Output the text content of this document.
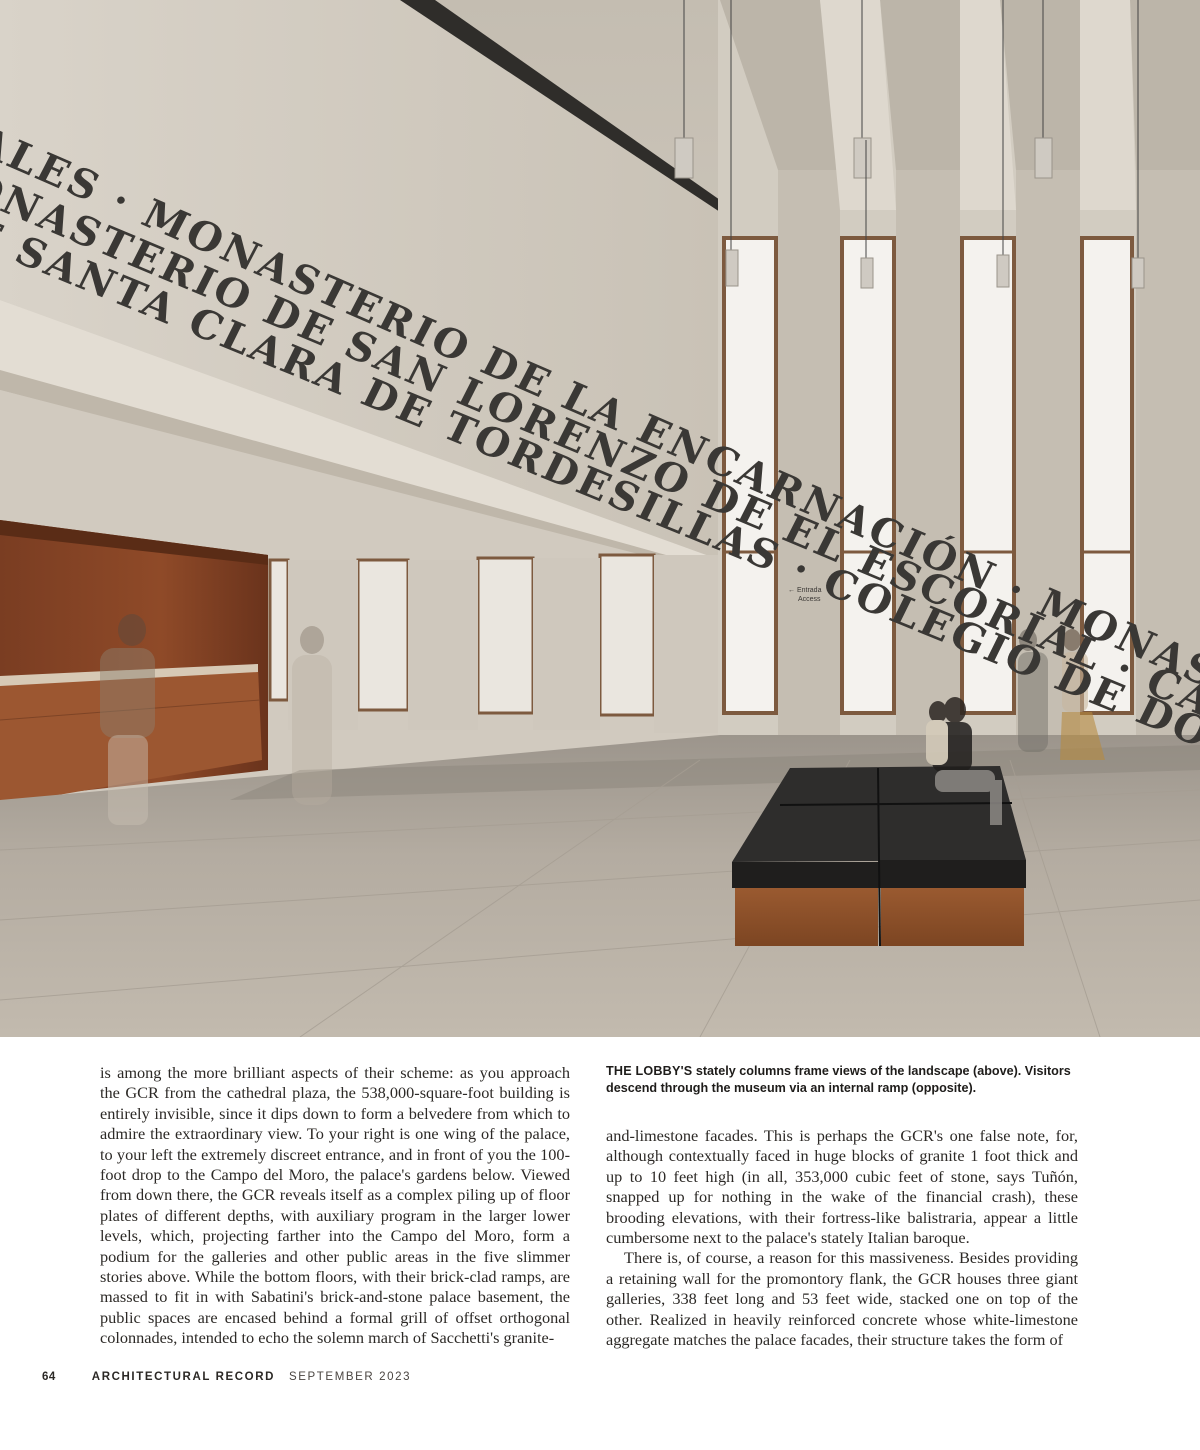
← Entrada
Access
ALES · MONASTERIO DE LA ENCARNACIÓN ·
ONASTERIO DE SAN LORENZO DE EL ESCORIAL ·
E SANTA CLARA DE TORDESILLAS · COLEGIO DE

is among the more brilliant aspects of their scheme: as you approach the GCR from the cathedral plaza, the 538,000-square-foot building is entirely invisible, since it dips down to form a belvedere from which to admire the extraordinary view. To your right is one wing of the palace, to your left the extremely discreet entrance, and in front of you the 100-foot drop to the Campo del Moro, the palace's gardens below. Viewed from down there, the GCR reveals itself as a complex piling up of floor plates of different depths, with auxiliary program in the larger lower levels, which, projecting farther into the Campo del Moro, form a podium for the galleries and other public areas in the five slimmer stories above. While the bottom floors, with their brick-clad ramps, are massed to fit in with Sabatini's brick-and-stone palace basement, the public spaces are encased behind a formal grill of offset orthogonal colonnades, intended to echo the solemn march of Sacchetti's granite-

THE LOBBY'S stately columns frame views of the landscape (above). Visitors descend through the museum via an internal ramp (opposite).

and-limestone facades. This is perhaps the GCR's one false note, for, although contextually faced in huge blocks of granite 1 foot thick and up to 10 feet high (in all, 353,000 cubic feet of stone, says Tuñón, snapped up for nothing in the wake of the financial crash), these brooding elevations, with their fortress-like balistraria, appear a little cumbersome next to the palace's stately Italian baroque.

There is, of course, a reason for this massiveness. Besides providing a retaining wall for the promontory flank, the GCR houses three giant galleries, 338 feet long and 53 feet wide, stacked one on top of the other. Realized in heavily reinforced concrete whose white-limestone aggregate matches the palace facades, their structure takes the form of

64	ARCHITECTURAL RECORD SEPTEMBER 2023
